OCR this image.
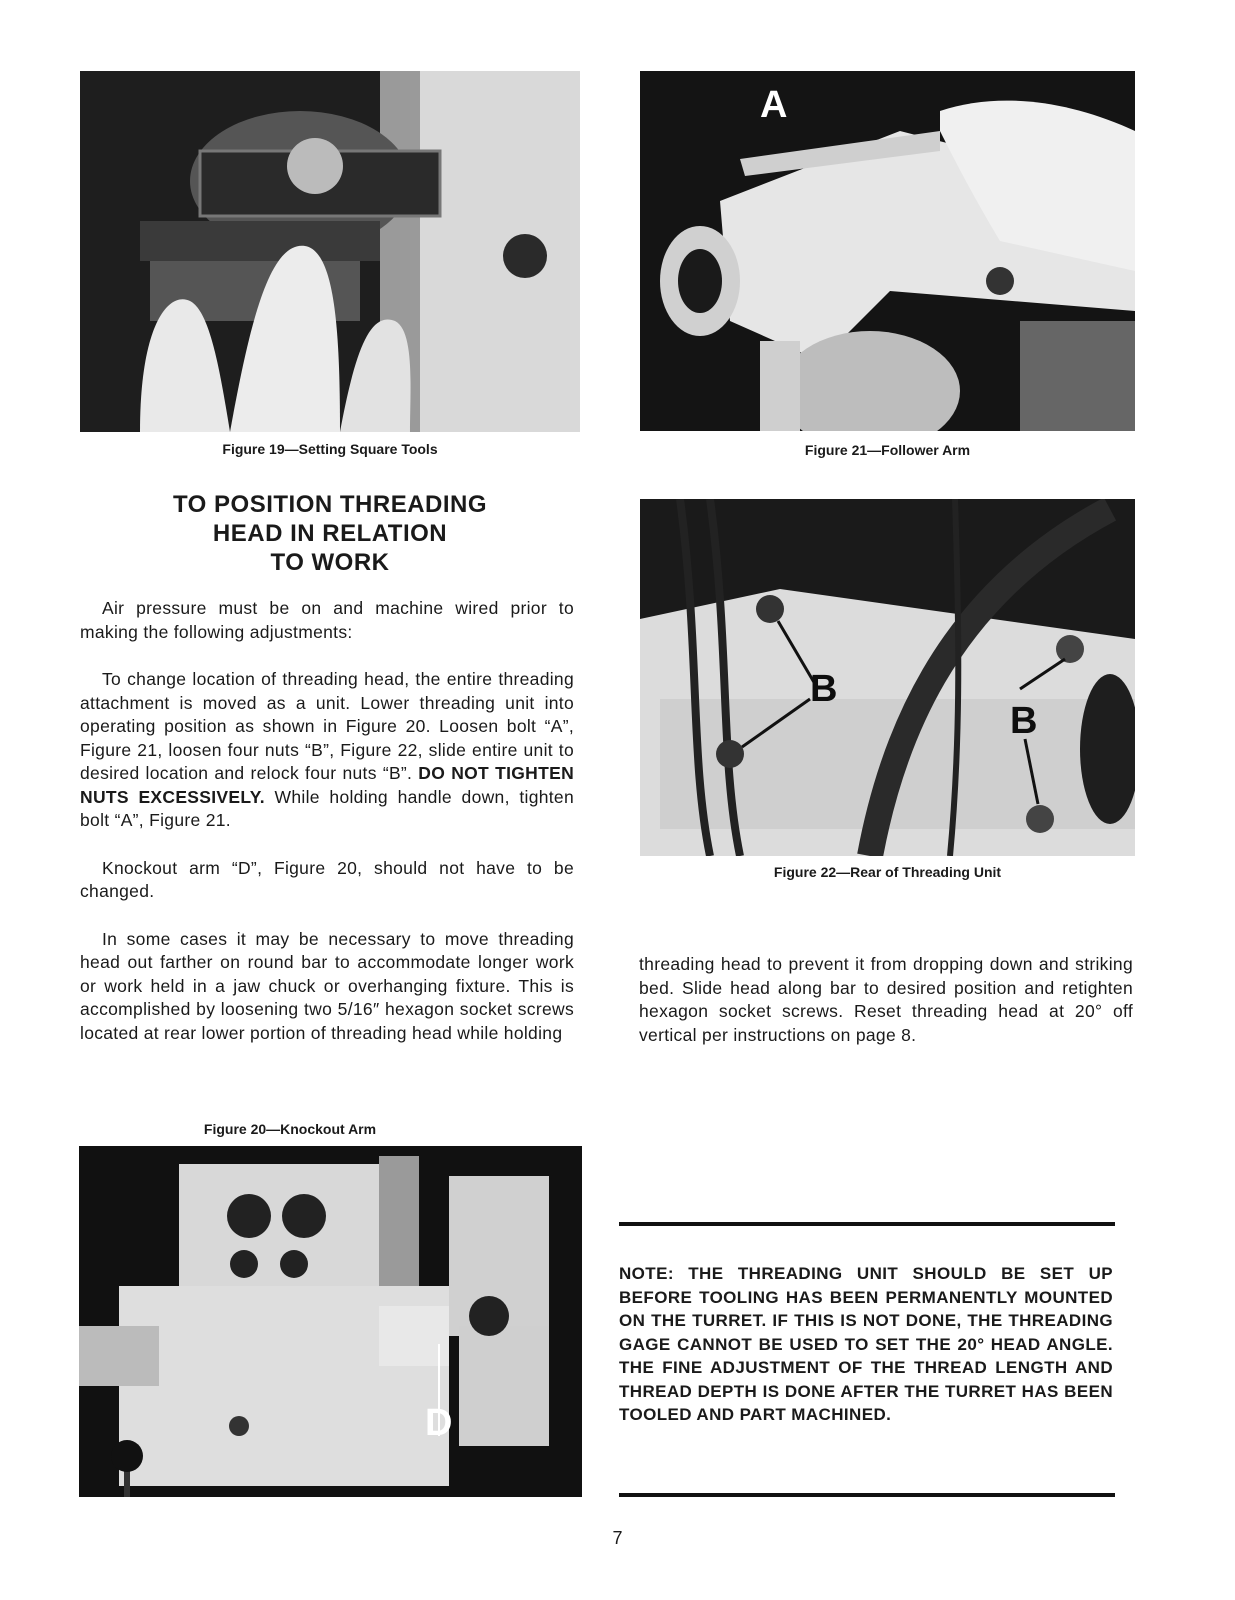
Figure 19—Setting Square Tools
A
Figure 21—Follower Arm
TO POSITION THREADING
HEAD IN RELATION
TO WORK

Air pressure must be on and machine wired prior to making the following adjustments:

To change location of threading head, the entire threading attachment is moved as a unit. Lower threading unit into operating position as shown in Figure 20. Loosen bolt “A”, Figure 21, loosen four nuts “B”, Figure 22, slide entire unit to desired location and relock four nuts “B”. DO NOT TIGHTEN NUTS EXCESSIVELY. While holding handle down, tighten bolt “A”, Figure 21.

Knockout arm “D”, Figure 20, should not have to be changed.

In some cases it may be necessary to move threading head out farther on round bar to accommodate longer work or work held in a jaw chuck or overhanging fixture. This is accomplished by loosening two 5/16″ hexagon socket screws located at rear lower portion of threading head while holding

B
B
Figure 22—Rear of Threading Unit

threading head to prevent it from dropping down and striking bed. Slide head along bar to desired position and retighten hexagon socket screws. Reset threading head at 20° off vertical per instructions on page 8.

Figure 20—Knockout Arm
D
NOTE: THE THREADING UNIT SHOULD BE SET UP BEFORE TOOLING HAS BEEN PERMANENTLY MOUNTED ON THE TURRET. IF THIS IS NOT DONE, THE THREADING GAGE CANNOT BE USED TO SET THE 20° HEAD ANGLE. THE FINE ADJUSTMENT OF THE THREAD LENGTH AND THREAD DEPTH IS DONE AFTER THE TURRET HAS BEEN TOOLED AND PART MACHINED.
7
